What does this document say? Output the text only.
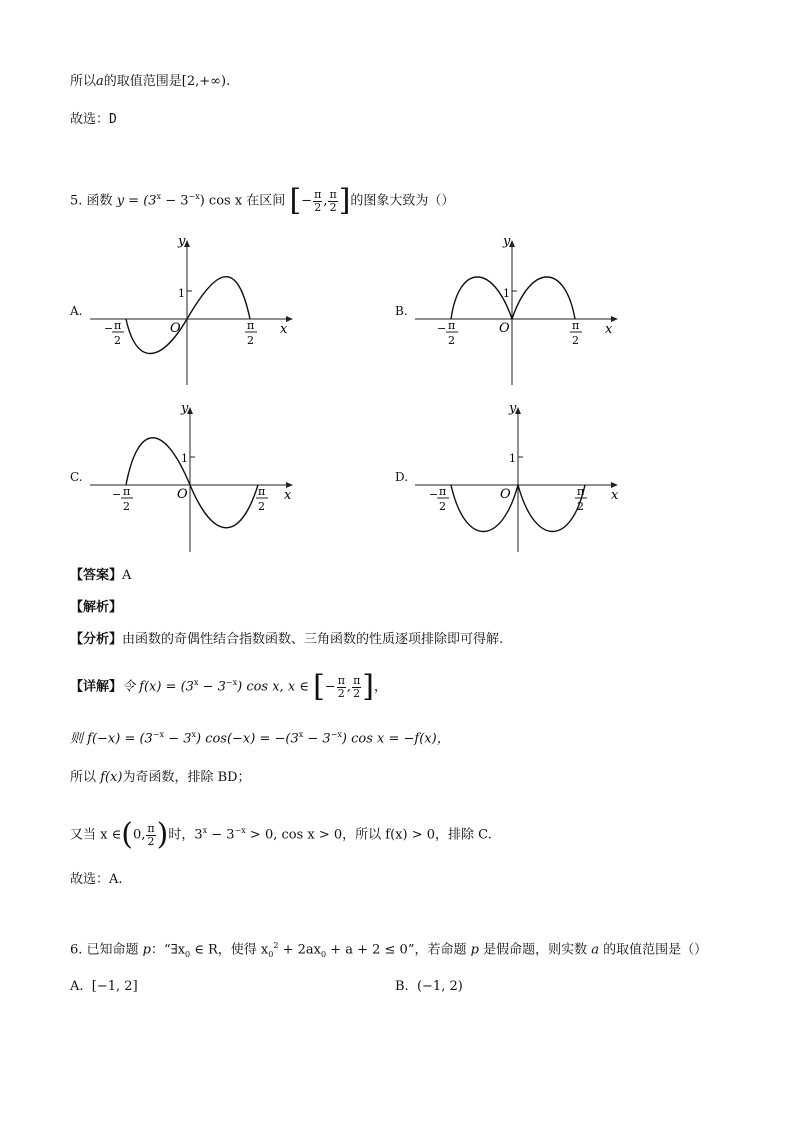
所以a的取值范围是[2,+∞).
故选：D
5. 函数 $y = (3^x - 3^{-x})$ cos x 在区间 [− $\frac{\pi}{2}$ , $\frac{\pi}{2}$ ]的图象大致为（）
A.	B.
C.	D.
y
x
O
1
− π
2
π
2
y
x
O
1
− π
2
π
2
y
x
O
1
− π
2
π
2
y
x
O
1
− π
2
π
2
【答案】A
【解析】
【分析】由函数的奇偶性结合指数函数、三角函数的性质逐项排除即可得解.
【详解】令 $f(x) = (3^x - 3^{-x})$ cos x, x ∈ [− $\frac{\pi}{2}$ , $\frac{\pi}{2}$ ]，
则 $f(-x) = (3^{-x} - 3^x) \cos(-x) = -(3^x - 3^{-x})$ cos x = −f(x)，
所以 f(x)为奇函数，排除 BD；
又当 x ∈(0, $\frac{\pi}{2}$ )时，$3^x - 3^{-x} > 0$, cos x > 0，所以 f(x) > 0，排除 C.
故选：A.
6. 已知命题 p：“$\exists x_0$ ∈ R，使得 $x_0^2 + 2ax_0 + a + 2 \le 0$”，若命题 p 是假命题，则实数 a 的取值范围是（）
A. [−1, 2]	B. (−1, 2)
